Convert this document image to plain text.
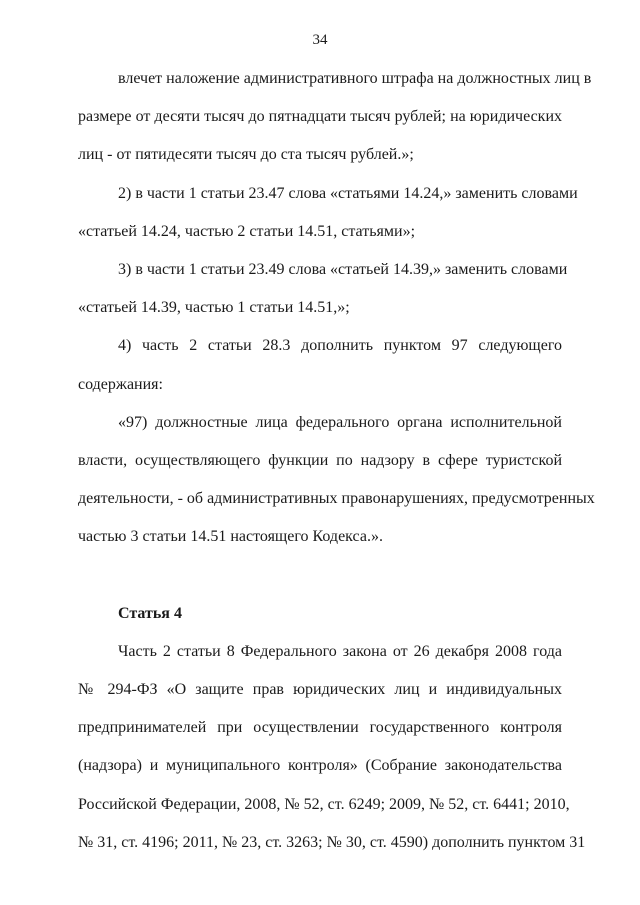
34
влечет наложение административного штрафа на должностных лиц в
размере от десяти тысяч до пятнадцати тысяч рублей; на юридических
лиц - от пятидесяти тысяч до ста тысяч рублей.»;
2) в части 1 статьи 23.47 слова «статьями 14.24,» заменить словами
«статьей 14.24, частью 2 статьи 14.51, статьями»;
3) в части 1 статьи 23.49 слова «статьей 14.39,» заменить словами
«статьей 14.39, частью 1 статьи 14.51,»;
4) часть 2 статьи 28.3 дополнить пунктом 97 следующего
содержания:
«97) должностные лица федерального органа исполнительной
власти, осуществляющего функции по надзору в сфере туристской
деятельности, - об административных правонарушениях, предусмотренных
частью 3 статьи 14.51 настоящего Кодекса.».
Статья 4
Часть 2 статьи 8 Федерального закона от 26 декабря 2008 года
№ 294-ФЗ «О защите прав юридических лиц и индивидуальных
предпринимателей при осуществлении государственного контроля
(надзора) и муниципального контроля» (Собрание законодательства
Российской Федерации, 2008, № 52, ст. 6249; 2009, № 52, ст. 6441; 2010,
№ 31, ст. 4196; 2011, № 23, ст. 3263; № 30, ст. 4590) дополнить пунктом 31
